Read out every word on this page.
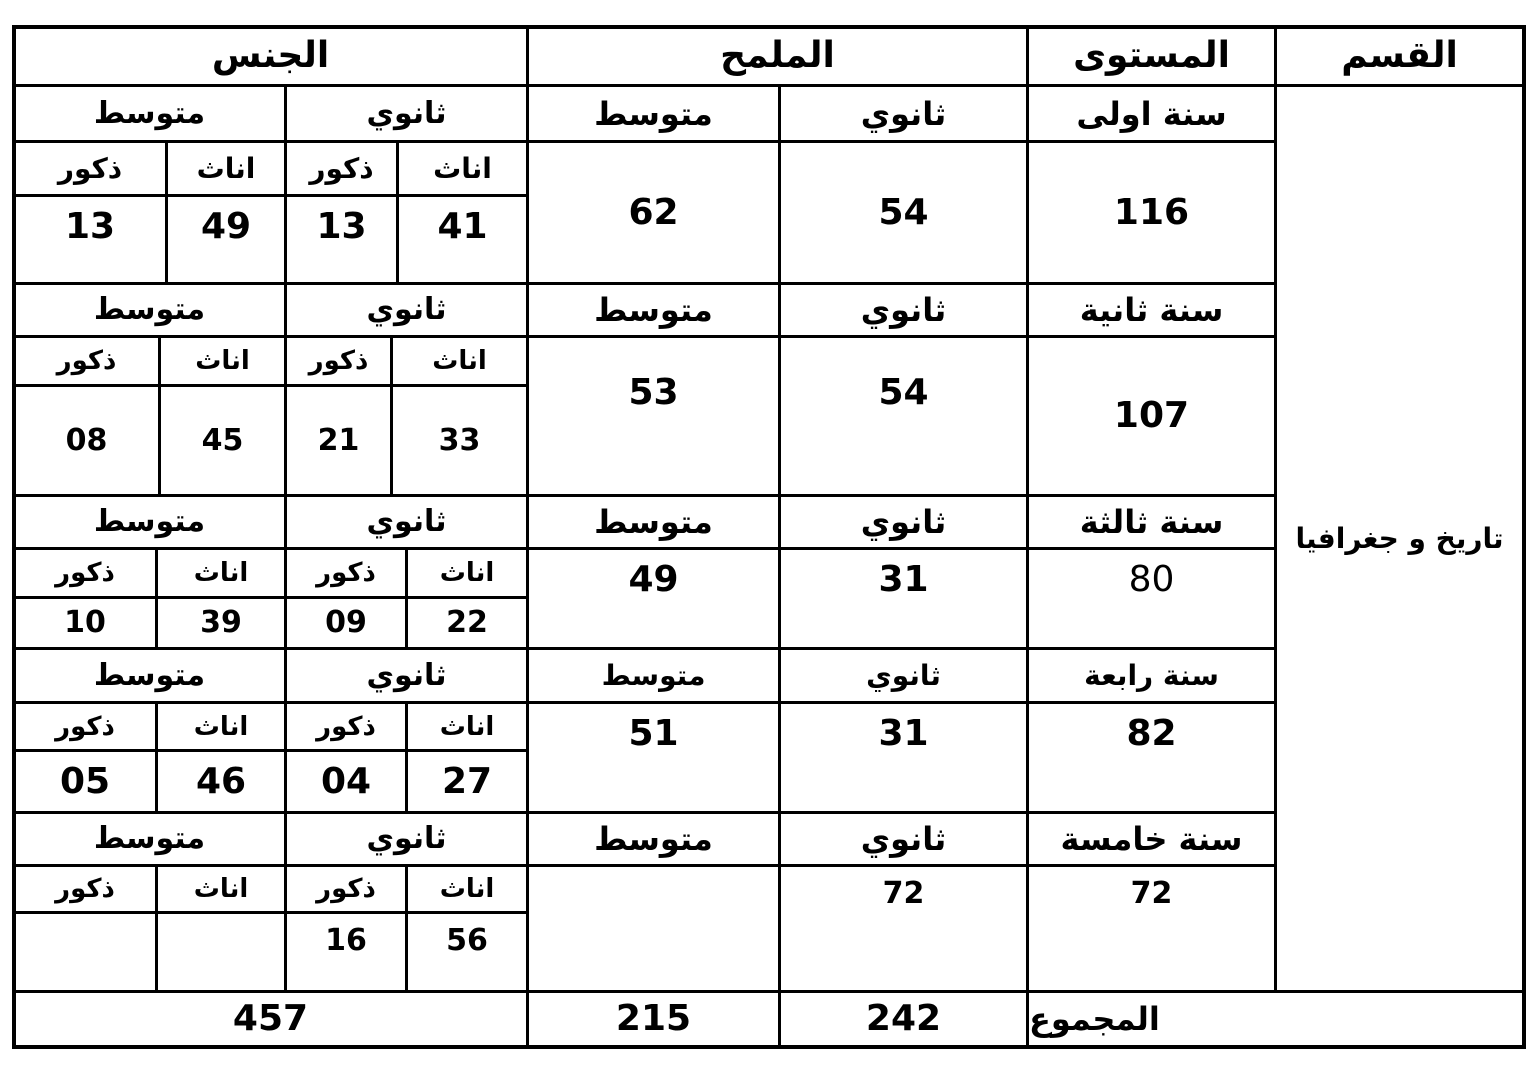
القسم
المستوى
الملمح
الجنس
تاريخ و جغرافيا
سنة اولى
ثانوي
متوسط
ثانوي
متوسط
116
54
62
اناث
ذكور
اناث
ذكور
41
13
49
13
سنة ثانية
ثانوي
متوسط
ثانوي
متوسط
107
54
53
اناث
ذكور
اناث
ذكور
33
21
45
08
سنة ثالثة
ثانوي
متوسط
ثانوي
متوسط
80
31
49
اناث
ذكور
اناث
ذكور
22
09
39
10
سنة رابعة
ثانوي
متوسط
ثانوي
متوسط
82
31
51
اناث
ذكور
اناث
ذكور
27
04
46
05
سنة خامسة
ثانوي
متوسط
ثانوي
متوسط
72
72
اناث
ذكور
اناث
ذكور
56
16
المجموع
242
215
457
